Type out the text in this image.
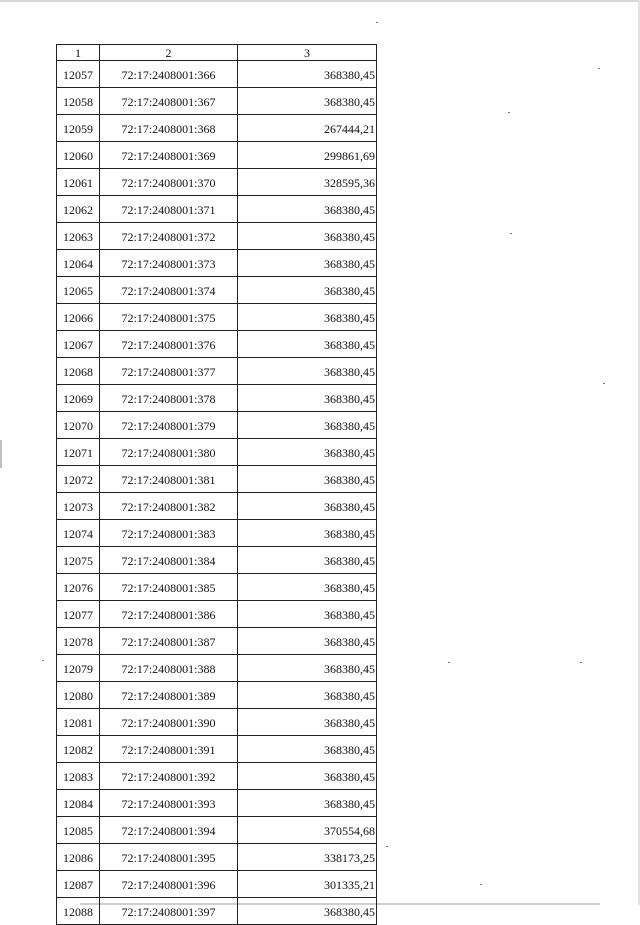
1	2	3
12057	72:17:2408001:366	368380,45
12058	72:17:2408001:367	368380,45
12059	72:17:2408001:368	267444,21
12060	72:17:2408001:369	299861,69
12061	72:17:2408001:370	328595,36
12062	72:17:2408001:371	368380,45
12063	72:17:2408001:372	368380,45
12064	72:17:2408001:373	368380,45
12065	72:17:2408001:374	368380,45
12066	72:17:2408001:375	368380,45
12067	72:17:2408001:376	368380,45
12068	72:17:2408001:377	368380,45
12069	72:17:2408001:378	368380,45
12070	72:17:2408001:379	368380,45
12071	72:17:2408001:380	368380,45
12072	72:17:2408001:381	368380,45
12073	72:17:2408001:382	368380,45
12074	72:17:2408001:383	368380,45
12075	72:17:2408001:384	368380,45
12076	72:17:2408001:385	368380,45
12077	72:17:2408001:386	368380,45
12078	72:17:2408001:387	368380,45
12079	72:17:2408001:388	368380,45
12080	72:17:2408001:389	368380,45
12081	72:17:2408001:390	368380,45
12082	72:17:2408001:391	368380,45
12083	72:17:2408001:392	368380,45
12084	72:17:2408001:393	368380,45
12085	72:17:2408001:394	370554,68
12086	72:17:2408001:395	338173,25
12087	72:17:2408001:396	301335,21
12088	72:17:2408001:397	368380,45
